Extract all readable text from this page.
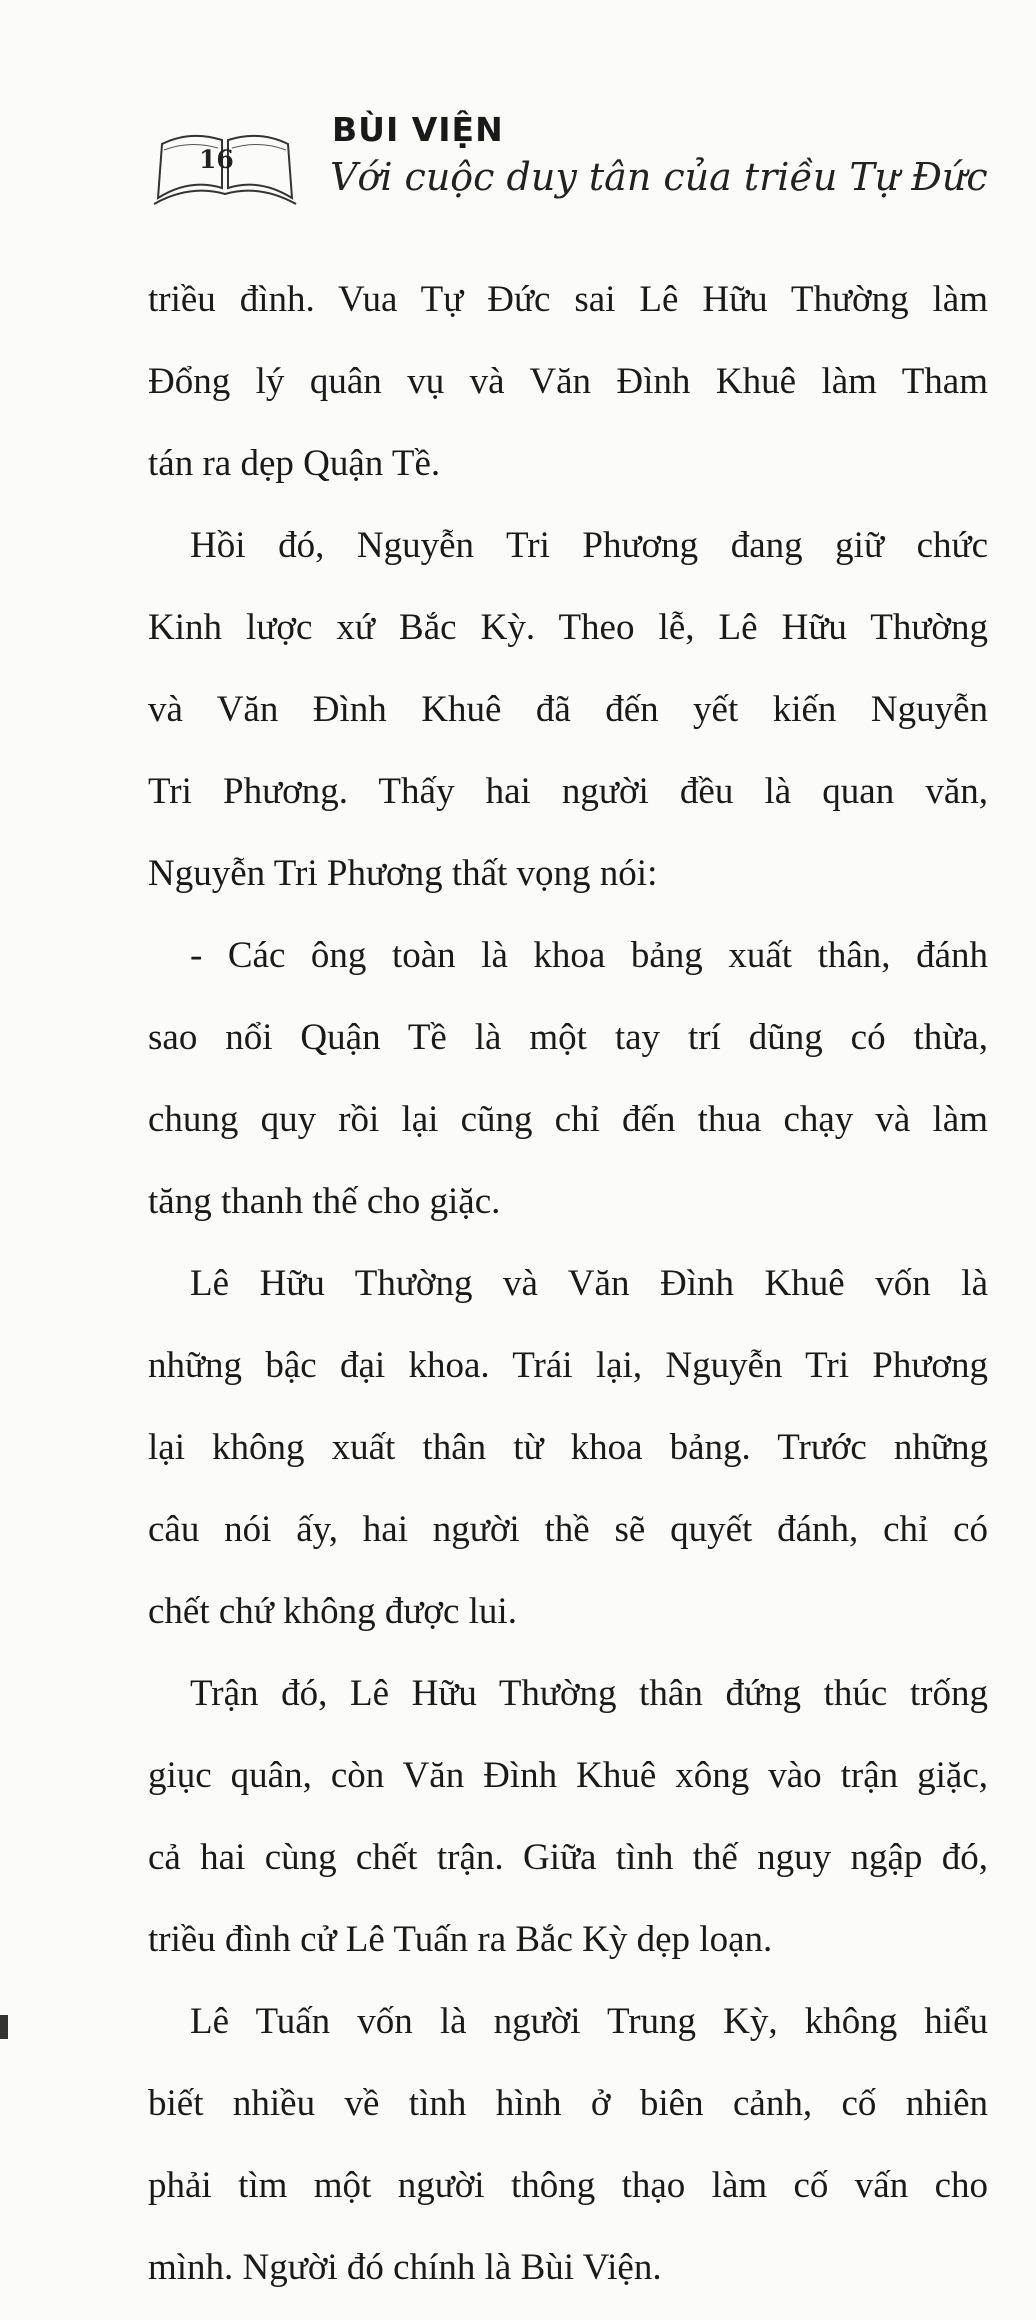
16
BÙI VIỆN
Với cuộc duy tân của triều Tự Đức
triều đình. Vua Tự Đức sai Lê Hữu Thường làm
Đổng lý quân vụ và Văn Đình Khuê làm Tham
tán ra dẹp Quận Tề.
Hồi đó, Nguyễn Tri Phương đang giữ chức
Kinh lược xứ Bắc Kỳ. Theo lễ, Lê Hữu Thường
và Văn Đình Khuê đã đến yết kiến Nguyễn
Tri Phương. Thấy hai người đều là quan văn,
Nguyễn Tri Phương thất vọng nói:
- Các ông toàn là khoa bảng xuất thân, đánh
sao nổi Quận Tề là một tay trí dũng có thừa,
chung quy rồi lại cũng chỉ đến thua chạy và làm
tăng thanh thế cho giặc.
Lê Hữu Thường và Văn Đình Khuê vốn là
những bậc đại khoa. Trái lại, Nguyễn Tri Phương
lại không xuất thân từ khoa bảng. Trước những
câu nói ấy, hai người thề sẽ quyết đánh, chỉ có
chết chứ không được lui.
Trận đó, Lê Hữu Thường thân đứng thúc trống
giục quân, còn Văn Đình Khuê xông vào trận giặc,
cả hai cùng chết trận. Giữa tình thế nguy ngập đó,
triều đình cử Lê Tuấn ra Bắc Kỳ dẹp loạn.
Lê Tuấn vốn là người Trung Kỳ, không hiểu
biết nhiều về tình hình ở biên cảnh, cố nhiên
phải tìm một người thông thạo làm cố vấn cho
mình. Người đó chính là Bùi Viện.
